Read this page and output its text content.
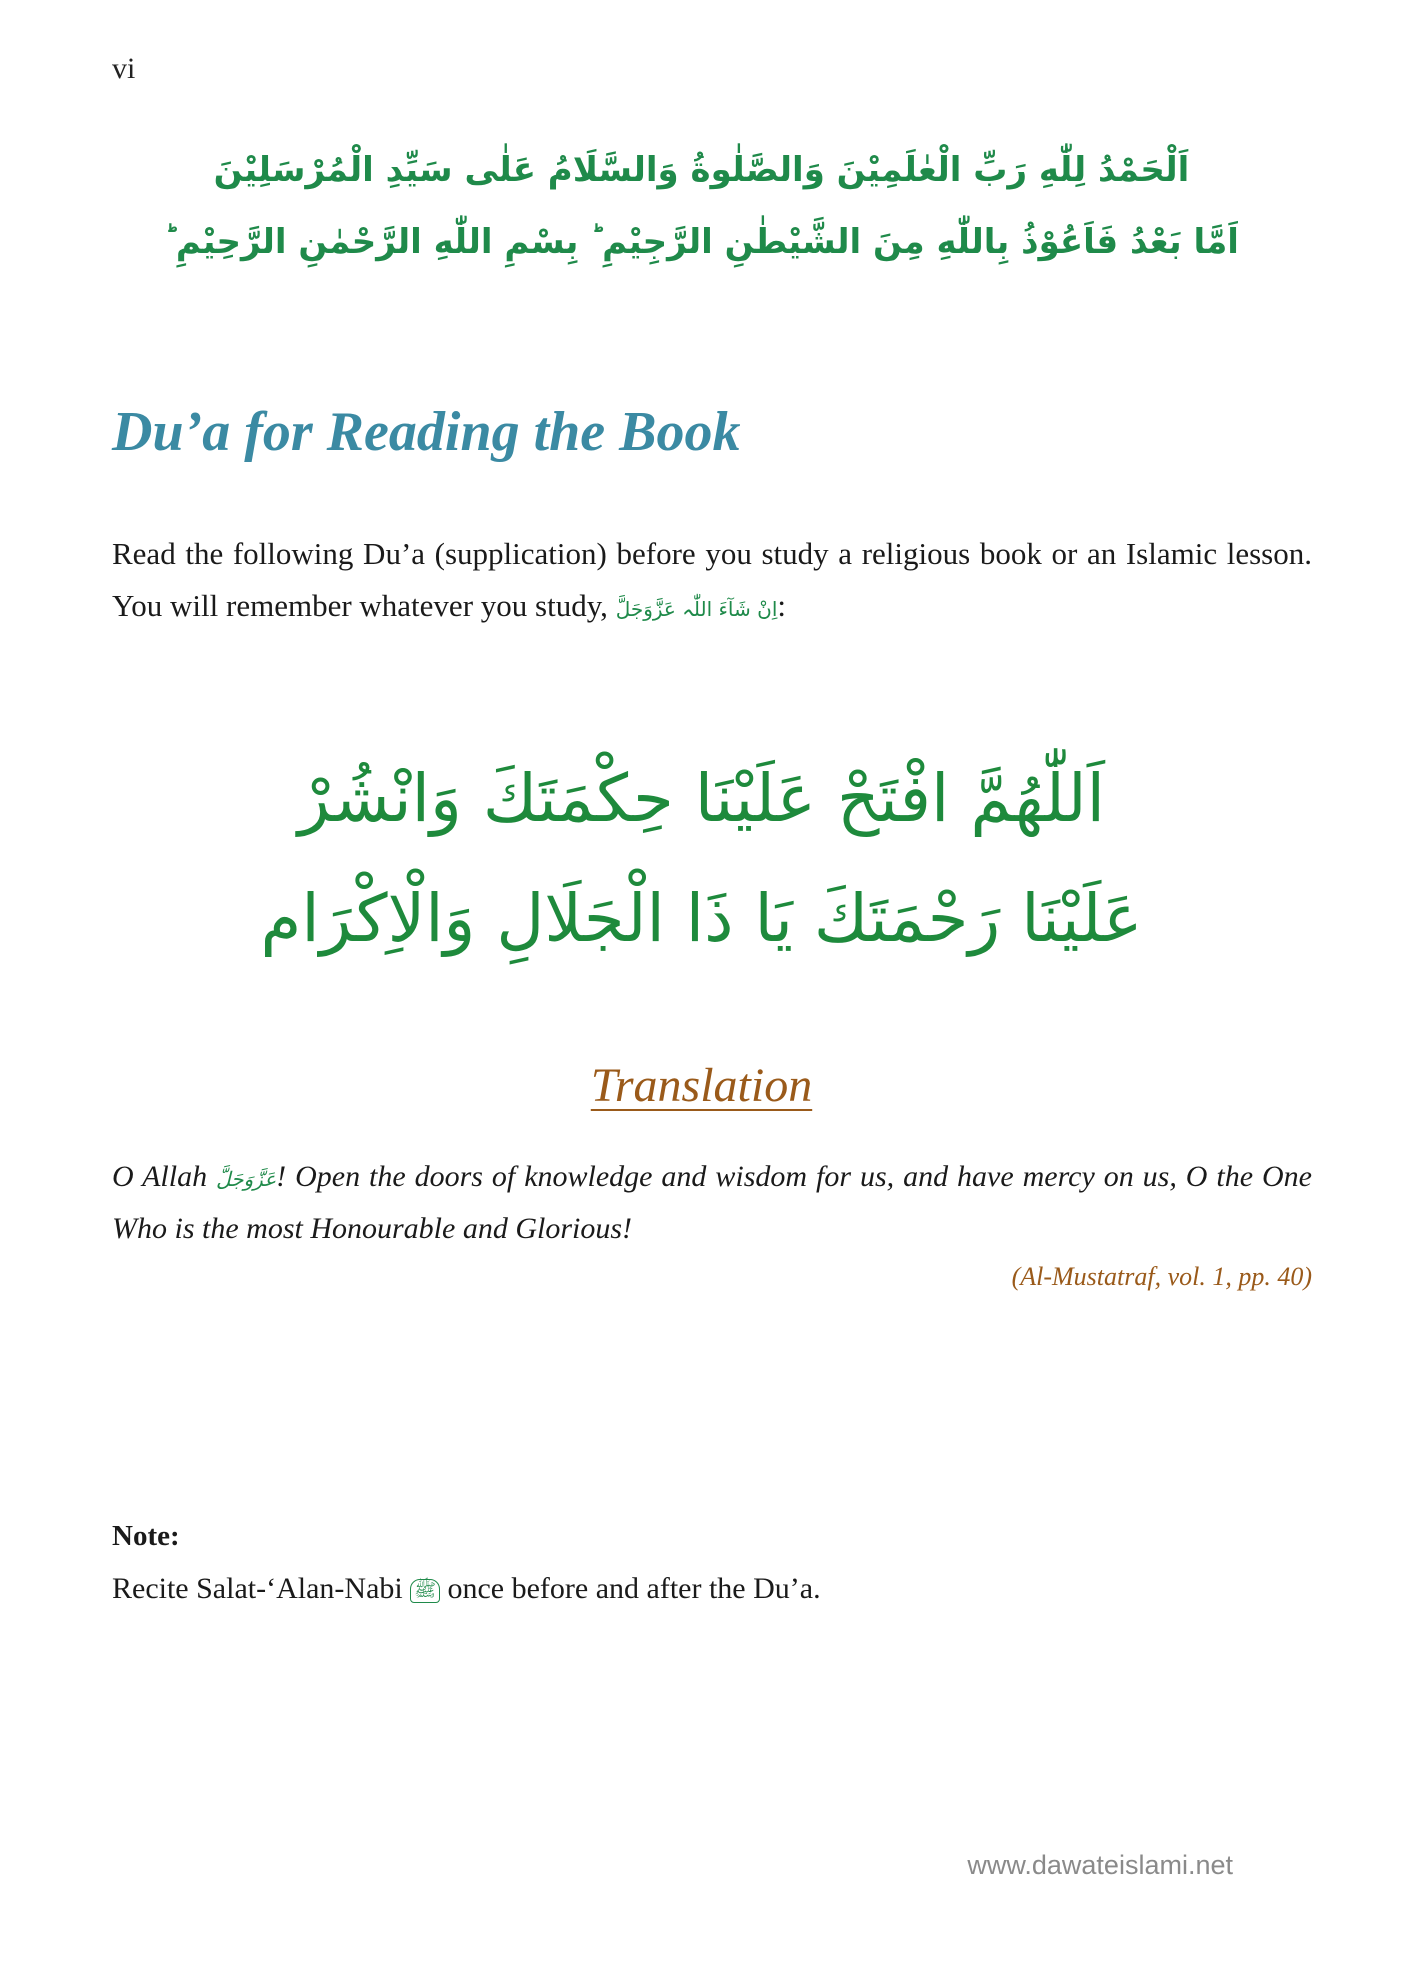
vi
اَلْحَمْدُ لِلّٰهِ رَبِّ الْعٰلَمِيْنَ وَالصَّلٰوةُ وَالسَّلَامُ عَلٰى سَيِّدِ الْمُرْسَلِيْنَ
اَمَّا بَعْدُ فَاَعُوْذُ بِاللّٰهِ مِنَ الشَّيْطٰنِ الرَّجِيْمِ ؕ بِسْمِ اللّٰهِ الرَّحْمٰنِ الرَّحِيْمِ ؕ
Du’a for Reading the Book
Read the following Du’a (supplication) before you study a religious book or an Islamic lesson. You will remember whatever you study, اِنْ شَآءَ اللّٰہ عَزَّوَجَلَّ:
اَللّٰهُمَّ افْتَحْ عَلَيْنَا حِكْمَتَكَ وَانْشُرْ
عَلَيْنَا رَحْمَتَكَ يَا ذَا الْجَلَالِ وَالْاِكْرَام
Translation
O Allah عَزَّوَجَلَّ! Open the doors of knowledge and wisdom for us, and have mercy on us, O the One Who is the most Honourable and Glorious!
(Al-Mustatraf, vol. 1, pp. 40)
Note:
Recite Salat-‘Alan-Nabi ﷺ once before and after the Du’a.
www.dawateislami.net
